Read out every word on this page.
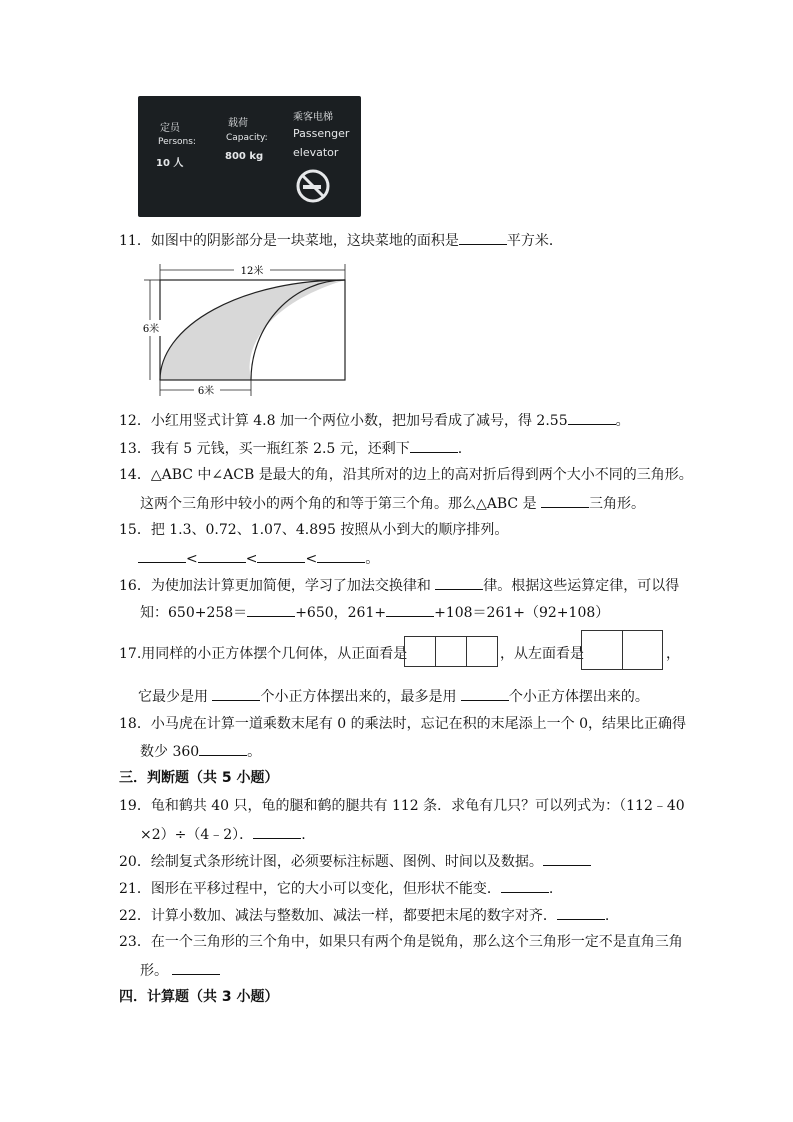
定员
Persons:
10 人
载荷
Capacity:
800 kg
乘客电梯
Passenger
elevator
11．如图中的阴影部分是一块菜地，这块菜地的面积是	平方米．
12米
6米
6米
12．小红用竖式计算 4.8 加一个两位小数，把加号看成了减号，得 2.55	。
13．我有 5 元钱，买一瓶红茶 2.5 元，还剩下	.
14．△ABC 中∠ACB 是最大的角，沿其所对的边上的高对折后得到两个大小不同的三角形。
这两个三角形中较小的两个角的和等于第三个角。那么△ABC 是	三角形。
15．把 1.3、0.72、1.07、4.895 按照从小到大的顺序排列。
<	<	<	。
16．为使加法计算更加简便，学习了加法交换律和	律。根据这些运算定律，可以得
知：650+258＝	+650，261+	+108＝261+（92+108）
17.用同样的小正方体摆个几何体，从正面看是	，从左面看是	，
它最少是用	个小正方体摆出来的，最多是用	个小正方体摆出来的。
18．小马虎在计算一道乘数末尾有 0 的乘法时，忘记在积的末尾添上一个 0，结果比正确得
数少 360	。
三．判断题（共 5 小题）
19．龟和鹤共 40 只，龟的腿和鹤的腿共有 112 条．求龟有几只？可以列式为：（112﹣40
×2）÷（4﹣2）．	.
20．绘制复式条形统计图，必须要标注标题、图例、时间以及数据。
21．图形在平移过程中，它的大小可以变化，但形状不能变．	.
22．计算小数加、减法与整数加、减法一样，都要把末尾的数字对齐．	.
23．在一个三角形的三个角中，如果只有两个角是锐角，那么这个三角形一定不是直角三角
形。
四．计算题（共 3 小题）
